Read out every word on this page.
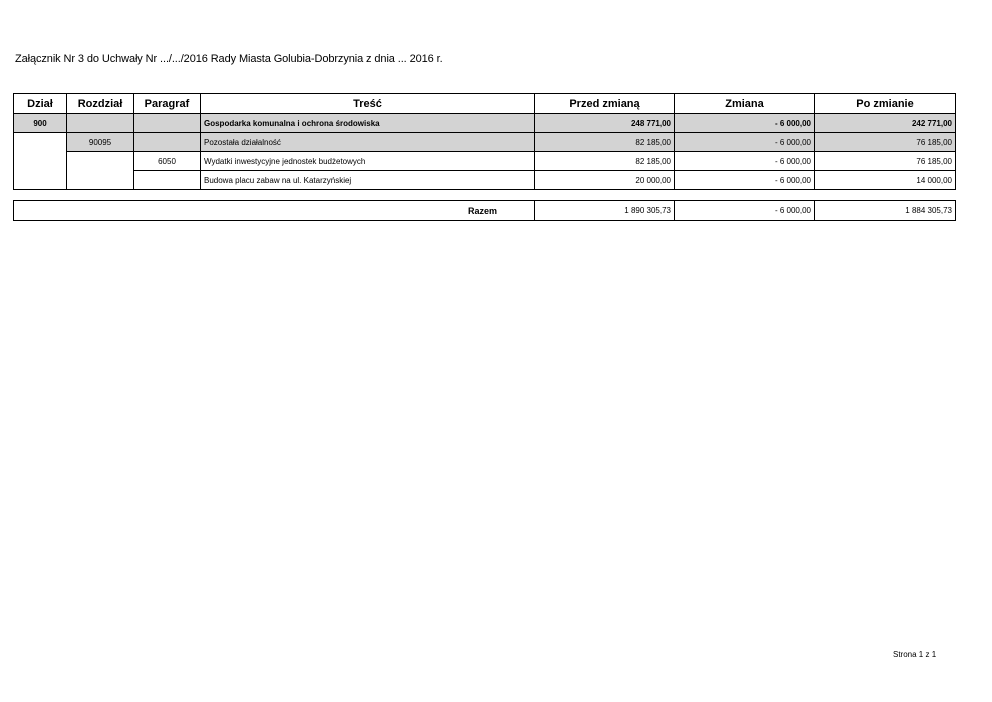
Załącznik Nr 3 do Uchwały Nr .../.../2016 Rady Miasta Golubia-Dobrzynia z dnia ... 2016 r.
Dział	Rozdział	Paragraf	Treść	Przed zmianą	Zmiana	Po zmianie
900			Gospodarka komunalna i ochrona środowiska	248 771,00	- 6 000,00	242 771,00
	90095		Pozostała działalność	82 185,00	- 6 000,00	76 185,00
		6050	Wydatki inwestycyjne jednostek budżetowych	82 185,00	- 6 000,00	76 185,00
			Budowa placu zabaw na ul. Katarzyńskiej	20 000,00	- 6 000,00	14 000,00
Razem	1 890 305,73	- 6 000,00	1 884 305,73
Strona 1 z 1
